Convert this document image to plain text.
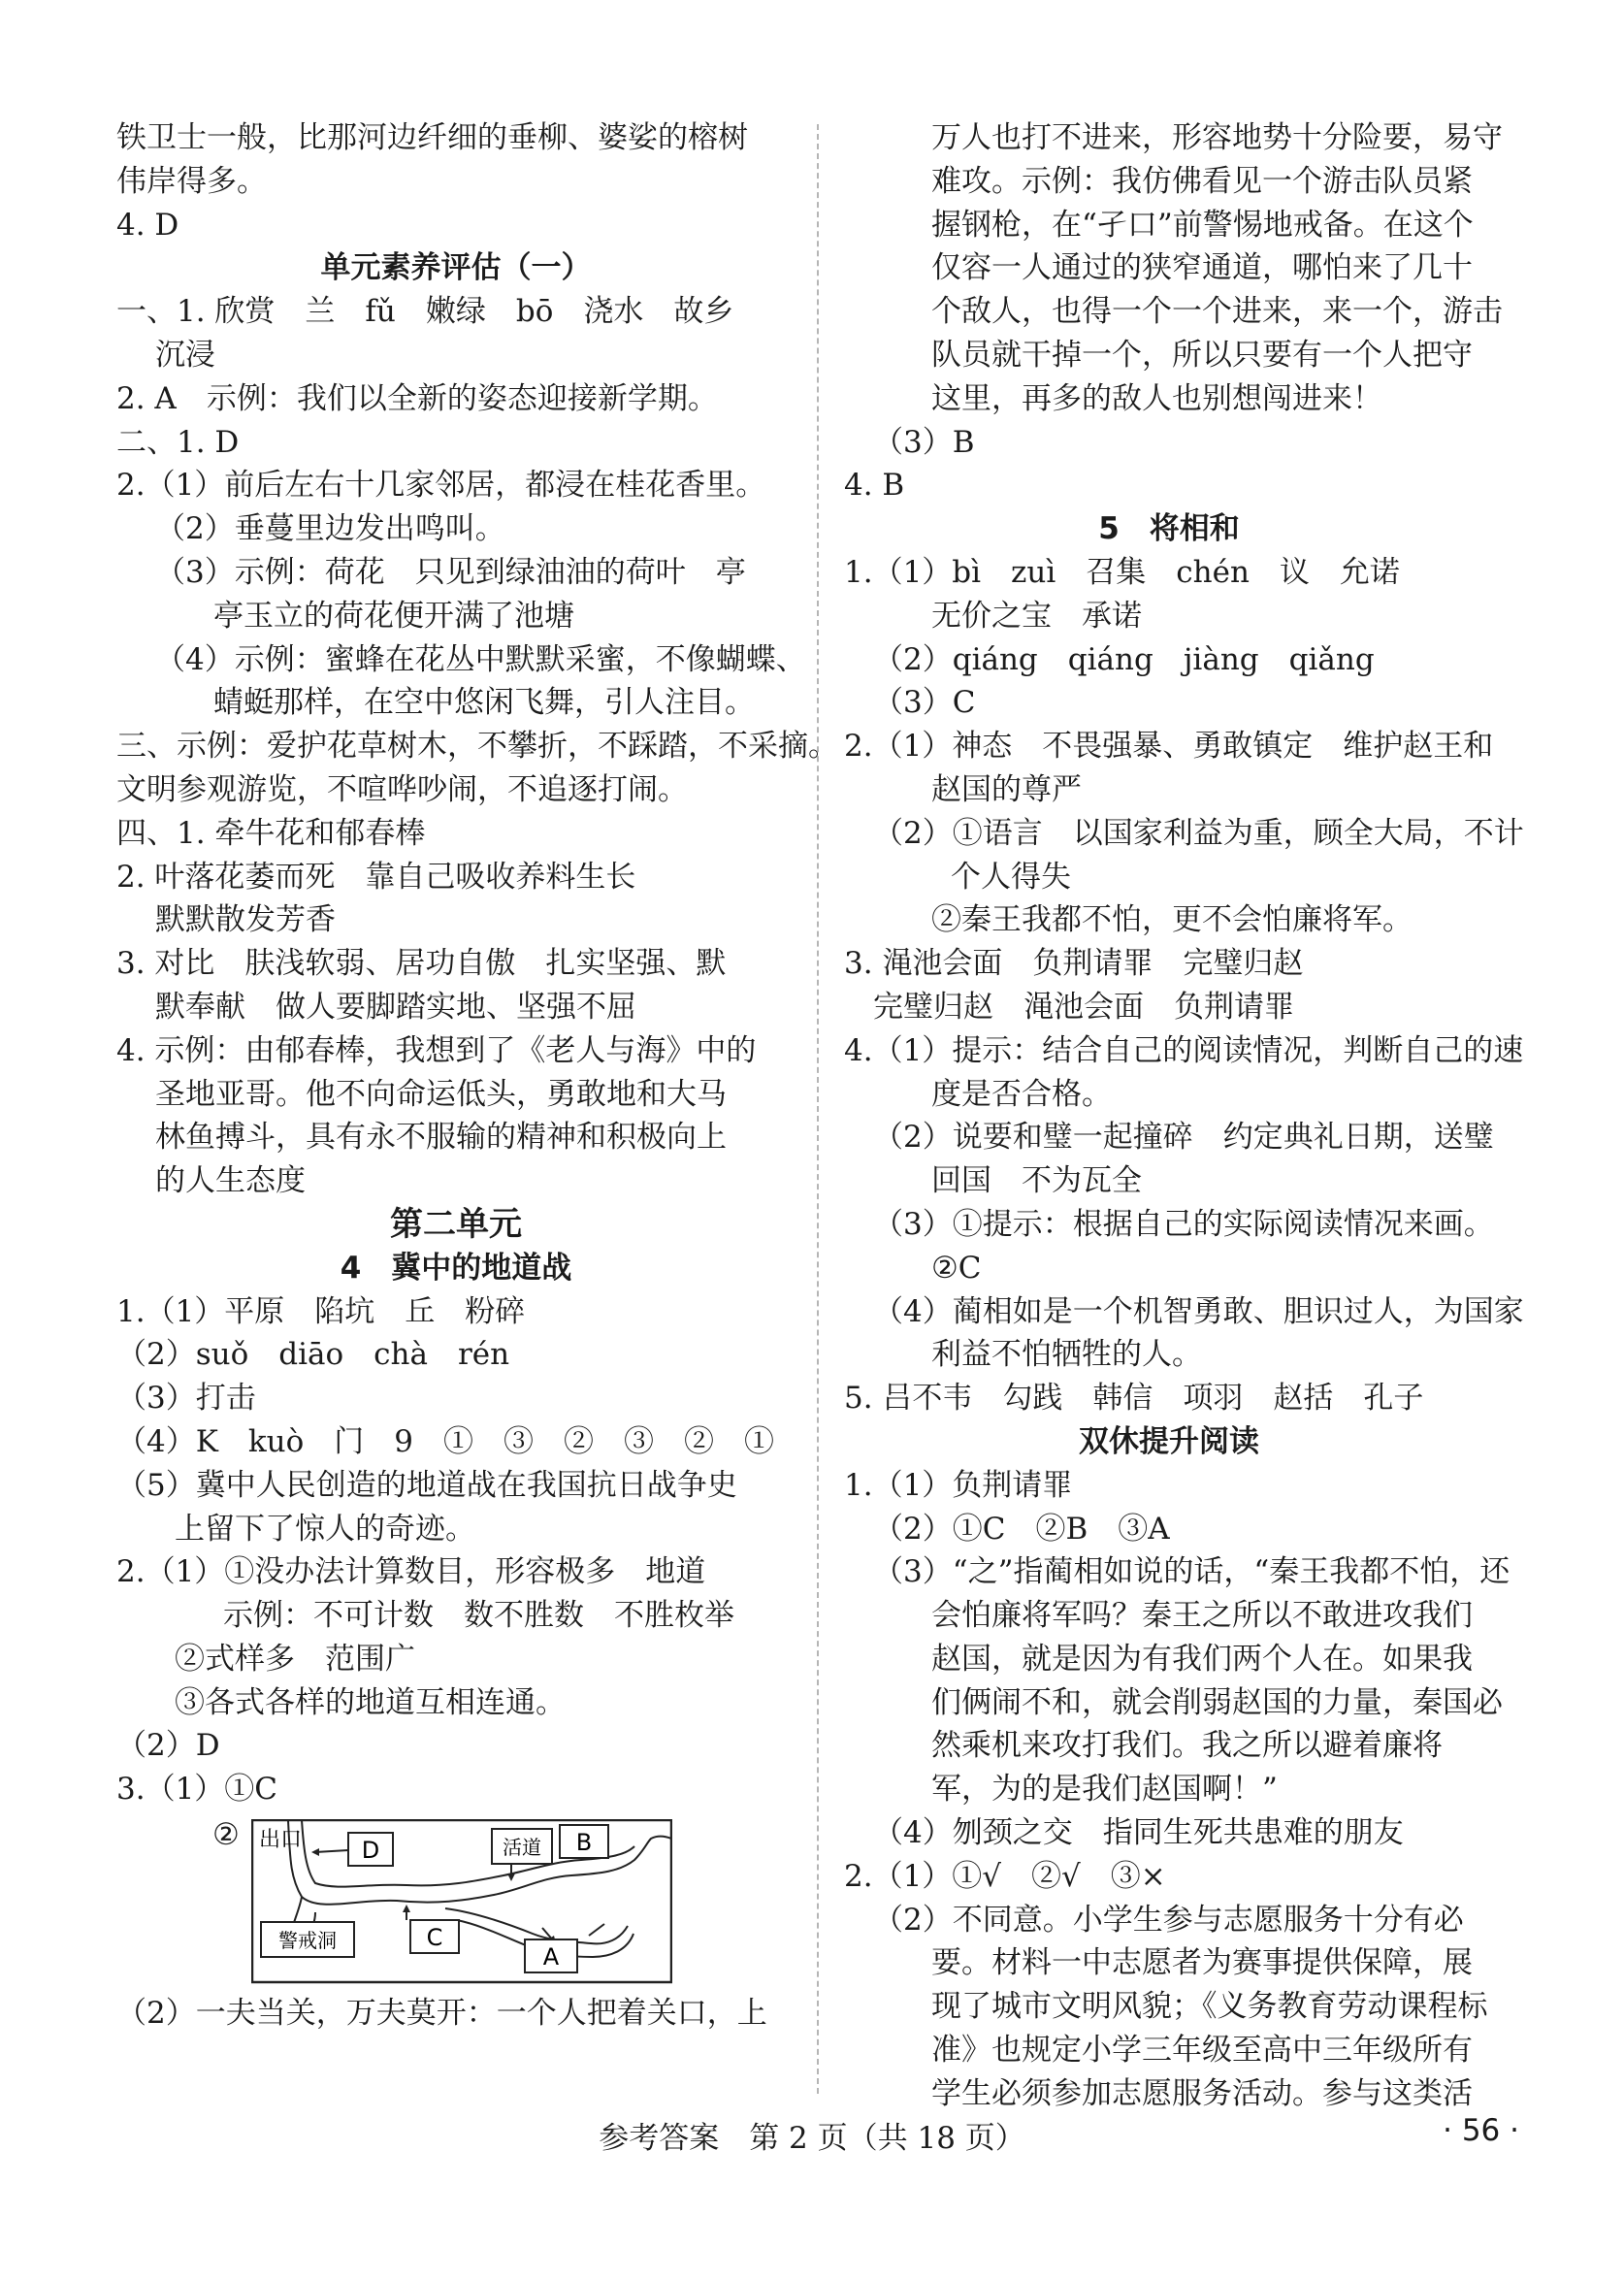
铁卫士一般，比那河边纤细的垂柳、婆娑的榕树
伟岸得多。
4. D
单元素养评估（一）
一、1. 欣赏　兰　fǔ　嫩绿　bō　浇水　故乡
沉浸
2. A　示例：我们以全新的姿态迎接新学期。
二、1. D
2.（1）前后左右十几家邻居，都浸在桂花香里。
（2）垂蔓里边发出鸣叫。
（3）示例：荷花　只见到绿油油的荷叶　亭
亭玉立的荷花便开满了池塘
（4）示例：蜜蜂在花丛中默默采蜜，不像蝴蝶、
蜻蜓那样，在空中悠闲飞舞，引人注目。
三、示例：爱护花草树木，不攀折，不踩踏，不采摘。
文明参观游览，不喧哗吵闹，不追逐打闹。
四、1. 牵牛花和郁春棒
2. 叶落花萎而死　靠自己吸收养料生长
默默散发芳香
3. 对比　肤浅软弱、居功自傲　扎实坚强、默
默奉献　做人要脚踏实地、坚强不屈
4. 示例：由郁春棒，我想到了《老人与海》中的
圣地亚哥。他不向命运低头，勇敢地和大马
林鱼搏斗，具有永不服输的精神和积极向上
的人生态度
第二单元
4　冀中的地道战
1.（1）平原　陷坑　丘　粉碎
（2）suǒ　diāo　chà　rén
（3）打击
（4）K　kuò　门　9　①　③　②　③　②　①
（5）冀中人民创造的地道战在我国抗日战争史
上留下了惊人的奇迹。
2.（1）①没办法计算数目，形容极多　地道
示例：不可计数　数不胜数　不胜枚举
②式样多　范围广
③各式各样的地道互相连通。
（2）D
3.（1）①C
② 出口	D	活道 B
警戒洞	C
A
（2）一夫当关，万夫莫开：一个人把着关口，上
万人也打不进来，形容地势十分险要，易守
难攻。示例：我仿佛看见一个游击队员紧
握钢枪，在“孑口”前警惕地戒备。在这个
仅容一人通过的狭窄通道，哪怕来了几十
个敌人，也得一个一个进来，来一个，游击
队员就干掉一个，所以只要有一个人把守
这里，再多的敌人也别想闯进来！
（3）B
4. B
5　将相和
1.（1）bì　zuì　召集　chén　议　允诺
无价之宝　承诺
（2）qiáng　qiáng　jiàng　qiǎng
（3）C
2.（1）神态　不畏强暴、勇敢镇定　维护赵王和
赵国的尊严
（2）①语言　以国家利益为重，顾全大局，不计
个人得失
②秦王我都不怕，更不会怕廉将军。
3. 渑池会面　负荆请罪　完璧归赵
完璧归赵　渑池会面　负荆请罪
4.（1）提示：结合自己的阅读情况，判断自己的速
度是否合格。
（2）说要和璧一起撞碎　约定典礼日期，送璧
回国　不为瓦全
（3）①提示：根据自己的实际阅读情况来画。
②C
（4）蔺相如是一个机智勇敢、胆识过人，为国家
利益不怕牺牲的人。
5. 吕不韦　勾践　韩信　项羽　赵括　孔子
双休提升阅读
1.（1）负荆请罪
（2）①C　②B　③A
（3）“之”指蔺相如说的话，“秦王我都不怕，还
会怕廉将军吗？秦王之所以不敢进攻我们
赵国，就是因为有我们两个人在。如果我
们俩闹不和，就会削弱赵国的力量，秦国必
然乘机来攻打我们。我之所以避着廉将
军，为的是我们赵国啊！”
（4）刎颈之交　指同生死共患难的朋友
2.（1）①√　②√　③×
（2）不同意。小学生参与志愿服务十分有必
要。材料一中志愿者为赛事提供保障，展
现了城市文明风貌；《义务教育劳动课程标
准》也规定小学三年级至高中三年级所有
学生必须参加志愿服务活动。参与这类活
参考答案　第 2 页（共 18 页）	· 56 ·
